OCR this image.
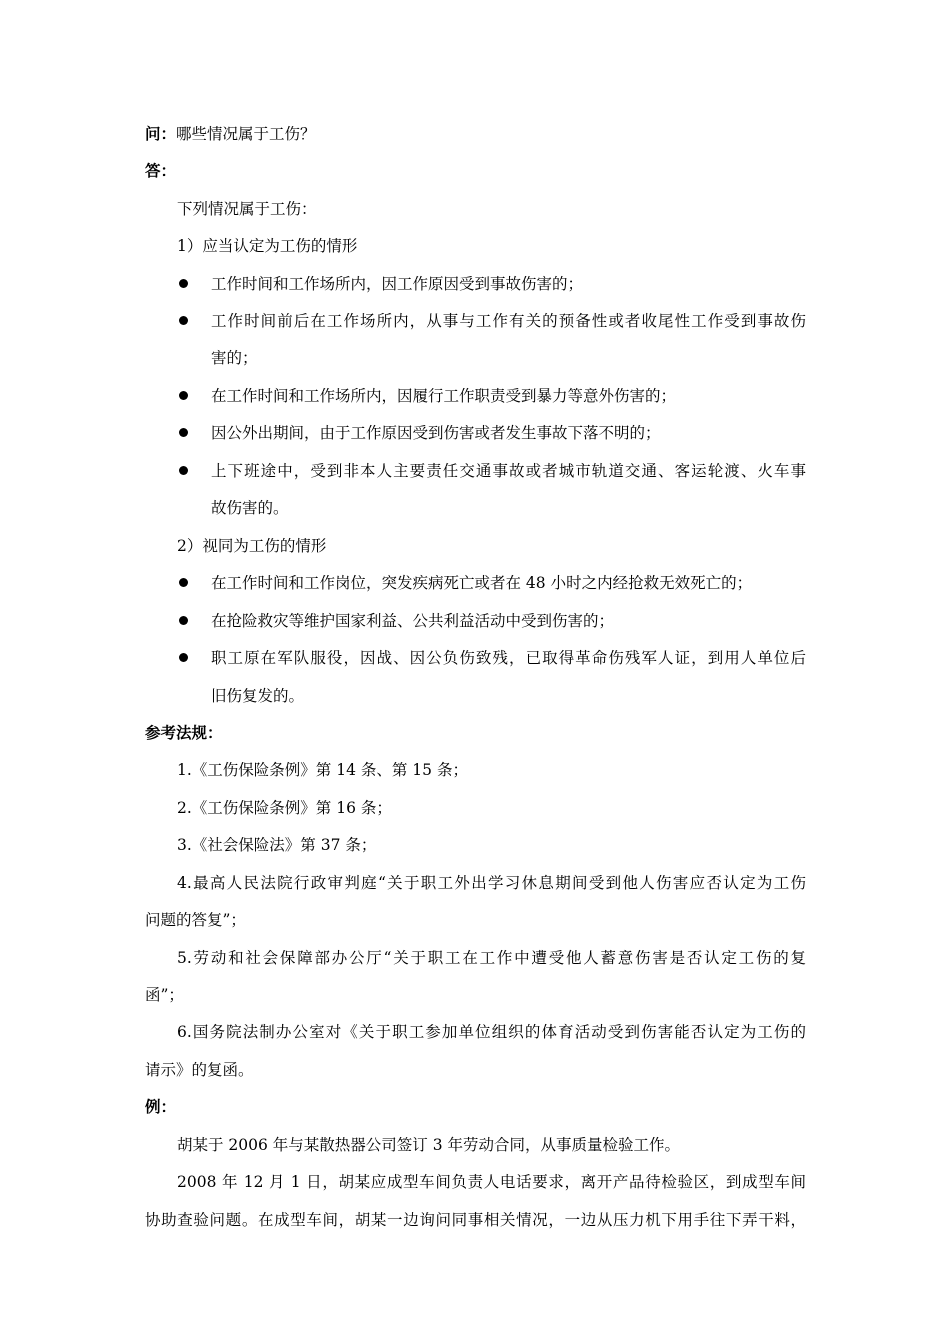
问：哪些情况属于工伤？
答：
下列情况属于工伤：
1）应当认定为工伤的情形
工作时间和工作场所内，因工作原因受到事故伤害的；
工作时间前后在工作场所内，从事与工作有关的预备性或者收尾性工作受到事故伤
害的；
在工作时间和工作场所内，因履行工作职责受到暴力等意外伤害的；
因公外出期间，由于工作原因受到伤害或者发生事故下落不明的；
上下班途中，受到非本人主要责任交通事故或者城市轨道交通、客运轮渡、火车事
故伤害的。
2）视同为工伤的情形
在工作时间和工作岗位，突发疾病死亡或者在 48 小时之内经抢救无效死亡的；
在抢险救灾等维护国家利益、公共利益活动中受到伤害的；
职工原在军队服役，因战、因公负伤致残，已取得革命伤残军人证，到用人单位后
旧伤复发的。
参考法规：
1.《工伤保险条例》第 14 条、第 15 条；
2.《工伤保险条例》第 16 条；
3.《社会保险法》第 37 条；
4.最高人民法院行政审判庭“关于职工外出学习休息期间受到他人伤害应否认定为工伤
问题的答复”；
5.劳动和社会保障部办公厅“关于职工在工作中遭受他人蓄意伤害是否认定工伤的复
函”；
6.国务院法制办公室对《关于职工参加单位组织的体育活动受到伤害能否认定为工伤的
请示》的复函。
例：
胡某于 2006 年与某散热器公司签订 3 年劳动合同，从事质量检验工作。
2008 年 12 月 1 日，胡某应成型车间负责人电话要求，离开产品待检验区，到成型车间
协助查验问题。在成型车间，胡某一边询问同事相关情况，一边从压力机下用手往下弄干料，
